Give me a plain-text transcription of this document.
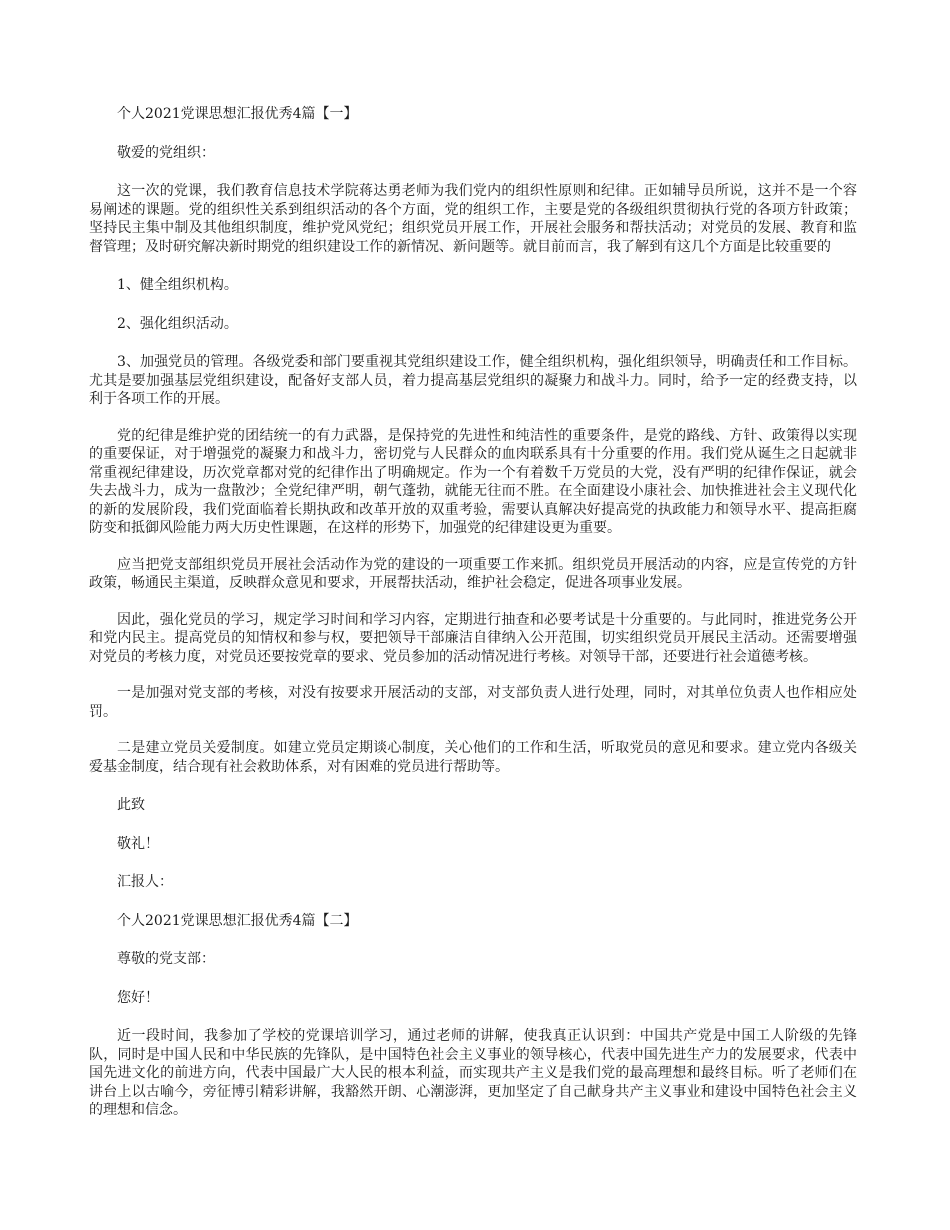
个人2021党课思想汇报优秀4篇【一】

敬爱的党组织：

这一次的党课，我们教育信息技术学院蒋达勇老师为我们党内的组织性原则和纪律。正如辅导员所说，这并不是一个容易阐述的课题。党的组织性关系到组织活动的各个方面，党的组织工作，主要是党的各级组织贯彻执行党的各项方针政策；坚持民主集中制及其他组织制度，维护党风党纪；组织党员开展工作，开展社会服务和帮扶活动；对党员的发展、教育和监督管理；及时研究解决新时期党的组织建设工作的新情况、新问题等。就目前而言，我了解到有这几个方面是比较重要的

1、健全组织机构。

2、强化组织活动。

3、加强党员的管理。各级党委和部门要重视其党组织建设工作，健全组织机构，强化组织领导，明确责任和工作目标。尤其是要加强基层党组织建设，配备好支部人员，着力提高基层党组织的凝聚力和战斗力。同时，给予一定的经费支持，以利于各项工作的开展。

党的纪律是维护党的团结统一的有力武器，是保持党的先进性和纯洁性的重要条件，是党的路线、方针、政策得以实现的重要保证，对于增强党的凝聚力和战斗力，密切党与人民群众的血肉联系具有十分重要的作用。我们党从诞生之日起就非常重视纪律建设，历次党章都对党的纪律作出了明确规定。作为一个有着数千万党员的大党，没有严明的纪律作保证，就会失去战斗力，成为一盘散沙；全党纪律严明，朝气蓬勃，就能无往而不胜。在全面建设小康社会、加快推进社会主义现代化的新的发展阶段，我们党面临着长期执政和改革开放的双重考验，需要认真解决好提高党的执政能力和领导水平、提高拒腐防变和抵御风险能力两大历史性课题，在这样的形势下，加强党的纪律建设更为重要。

应当把党支部组织党员开展社会活动作为党的建设的一项重要工作来抓。组织党员开展活动的内容，应是宣传党的方针政策，畅通民主渠道，反映群众意见和要求，开展帮扶活动，维护社会稳定，促进各项事业发展。

因此，强化党员的学习，规定学习时间和学习内容，定期进行抽查和必要考试是十分重要的。与此同时，推进党务公开和党内民主。提高党员的知情权和参与权，要把领导干部廉洁自律纳入公开范围，切实组织党员开展民主活动。还需要增强对党员的考核力度，对党员还要按党章的要求、党员参加的活动情况进行考核。对领导干部，还要进行社会道德考核。

一是加强对党支部的考核，对没有按要求开展活动的支部，对支部负责人进行处理，同时，对其单位负责人也作相应处罚。

二是建立党员关爱制度。如建立党员定期谈心制度，关心他们的工作和生活，听取党员的意见和要求。建立党内各级关爱基金制度，结合现有社会救助体系，对有困难的党员进行帮助等。

此致

敬礼！

汇报人：

个人2021党课思想汇报优秀4篇【二】

尊敬的党支部：

您好！

近一段时间，我参加了学校的党课培训学习，通过老师的讲解，使我真正认识到：中国共产党是中国工人阶级的先锋队，同时是中国人民和中华民族的先锋队，是中国特色社会主义事业的领导核心，代表中国先进生产力的发展要求，代表中国先进文化的前进方向，代表中国最广大人民的根本利益，而实现共产主义是我们党的最高理想和最终目标。听了老师们在讲台上以古喻今，旁征博引精彩讲解，我豁然开朗、心潮澎湃，更加坚定了自己献身共产主义事业和建设中国特色社会主义的理想和信念。
